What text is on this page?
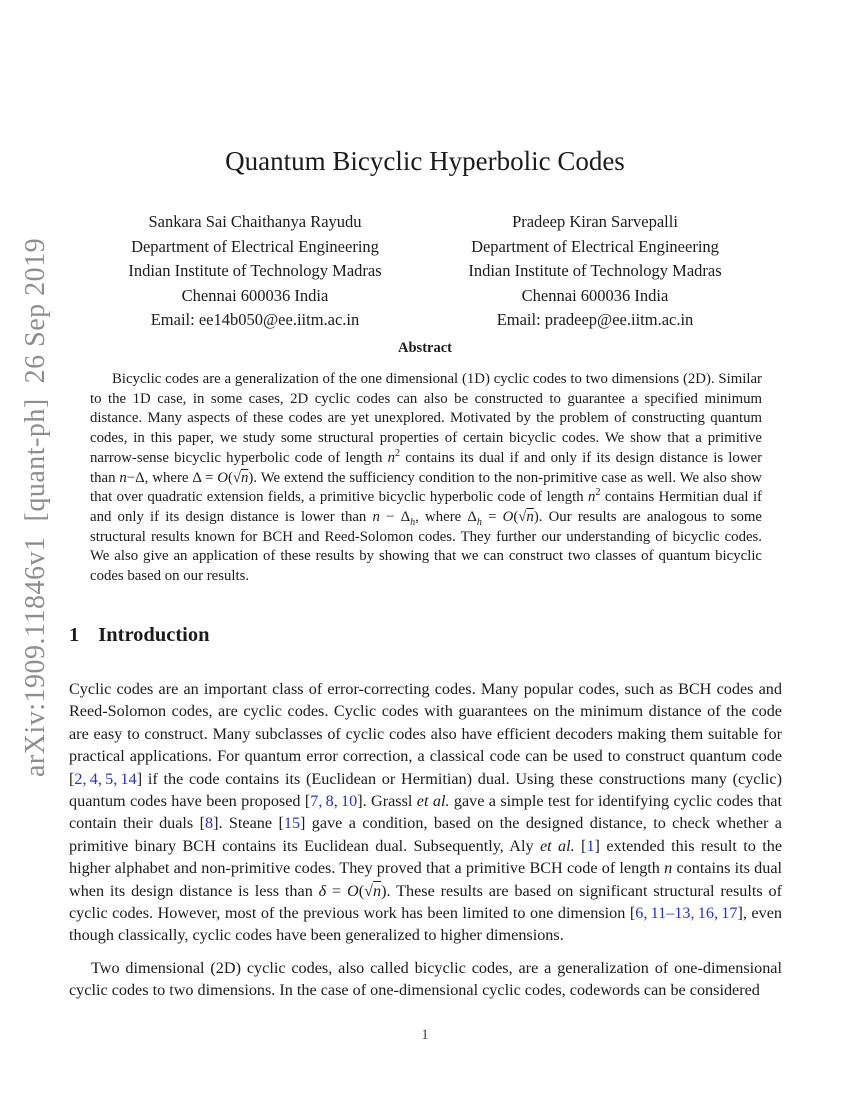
arXiv:1909.11846v1  [quant-ph]  26 Sep 2019
Quantum Bicyclic Hyperbolic Codes
Sankara Sai Chaithanya Rayudu
Department of Electrical Engineering
Indian Institute of Technology Madras
Chennai 600036 India
Email: ee14b050@ee.iitm.ac.in
Pradeep Kiran Sarvepalli
Department of Electrical Engineering
Indian Institute of Technology Madras
Chennai 600036 India
Email: pradeep@ee.iitm.ac.in
Abstract
Bicyclic codes are a generalization of the one dimensional (1D) cyclic codes to two dimensions (2D). Similar to the 1D case, in some cases, 2D cyclic codes can also be constructed to guarantee a specified minimum distance. Many aspects of these codes are yet unexplored. Motivated by the problem of constructing quantum codes, in this paper, we study some structural properties of certain bicyclic codes. We show that a primitive narrow-sense bicyclic hyperbolic code of length $n^2$ contains its dual if and only if its design distance is lower than n−Δ, where Δ = O(√n). We extend the sufficiency condition to the non-primitive case as well. We also show that over quadratic extension fields, a primitive bicyclic hyperbolic code of length $n^2$ contains Hermitian dual if and only if its design distance is lower than $n - \Delta_h$, where $\Delta_h = O(√n)$. Our results are analogous to some structural results known for BCH and Reed-Solomon codes. They further our understanding of bicyclic codes. We also give an application of these results by showing that we can construct two classes of quantum bicyclic codes based on our results.
1 Introduction

Cyclic codes are an important class of error-correcting codes. Many popular codes, such as BCH codes and Reed-Solomon codes, are cyclic codes. Cyclic codes with guarantees on the minimum distance of the code are easy to construct. Many subclasses of cyclic codes also have efficient decoders making them suitable for practical applications. For quantum error correction, a classical code can be used to construct quantum code [2, 4, 5, 14] if the code contains its (Euclidean or Hermitian) dual. Using these constructions many (cyclic) quantum codes have been proposed [7, 8, 10]. Grassl et al. gave a simple test for identifying cyclic codes that contain their duals [8]. Steane [15] gave a condition, based on the designed distance, to check whether a primitive binary BCH contains its Euclidean dual. Subsequently, Aly et al. [1] extended this result to the higher alphabet and non-primitive codes. They proved that a primitive BCH code of length n contains its dual when its design distance is less than δ = O(√n). These results are based on significant structural results of cyclic codes. However, most of the previous work has been limited to one dimension [6, 11–13, 16, 17], even though classically, cyclic codes have been generalized to higher dimensions.

Two dimensional (2D) cyclic codes, also called bicyclic codes, are a generalization of one-dimensional cyclic codes to two dimensions. In the case of one-dimensional cyclic codes, codewords can be considered

1
